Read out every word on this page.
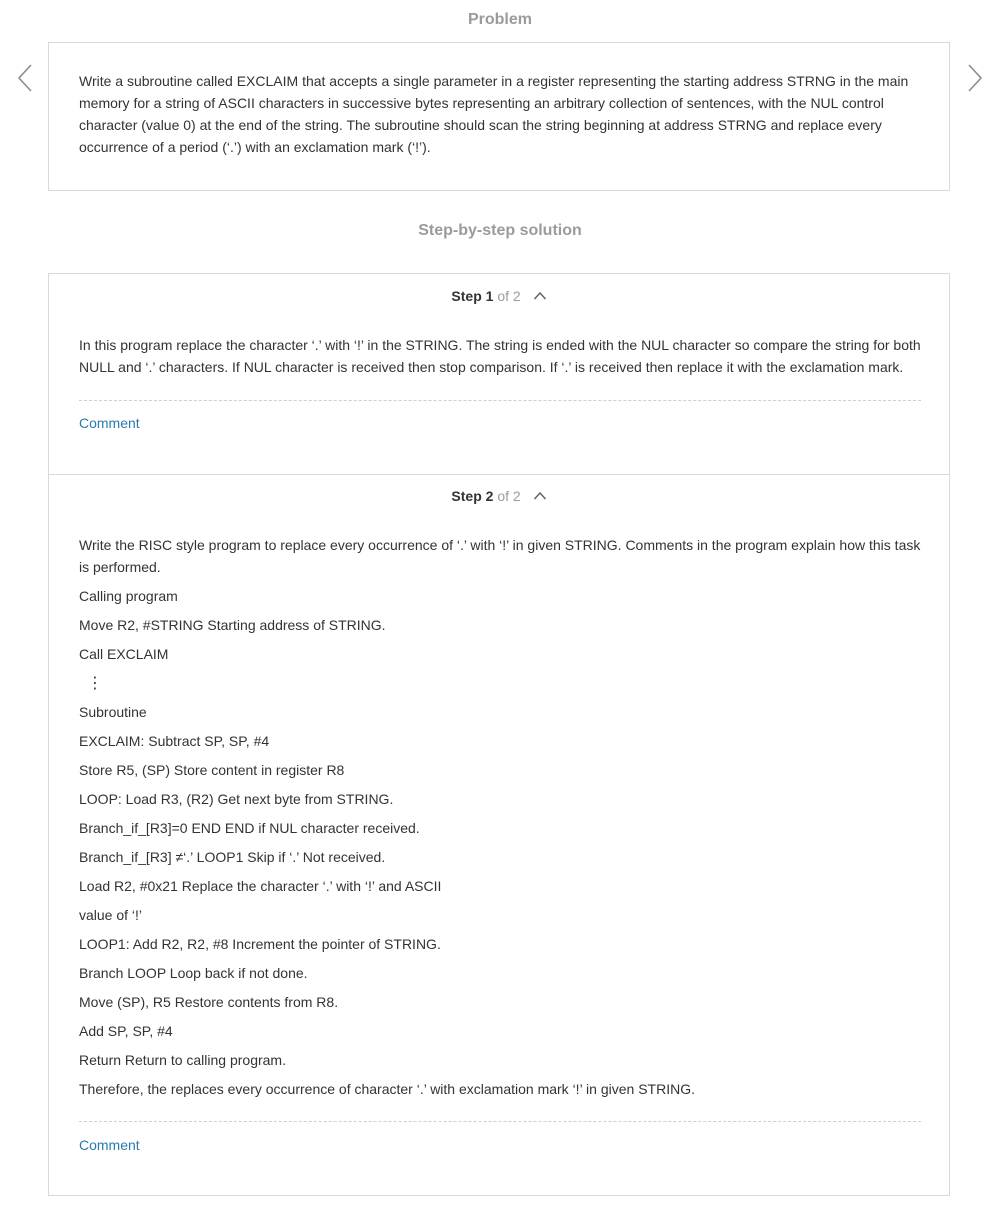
Problem
Write a subroutine called EXCLAIM that accepts a single parameter in a register representing the starting address STRNG in the main memory for a string of ASCII characters in successive bytes representing an arbitrary collection of sentences, with the NUL control character (value 0) at the end of the string. The subroutine should scan the string beginning at address STRNG and replace every occurrence of a period (‘.’) with an exclamation mark (‘!’).
Step-by-step solution
Step 1 of 2

In this program replace the character ‘.’ with ‘!’ in the STRING. The string is ended with the NUL character so compare the string for both NULL and ‘.’ characters. If NUL character is received then stop comparison. If ‘.’ is received then replace it with the exclamation mark.

Comment
Step 2 of 2

Write the RISC style program to replace every occurrence of ‘.’ with ‘!’ in given STRING. Comments in the program explain how this task is performed.

Calling program

Move R2, #STRING Starting address of STRING.

Call EXCLAIM

⋮

Subroutine

EXCLAIM: Subtract SP, SP, #4

Store R5, (SP) Store content in register R8

LOOP: Load R3, (R2) Get next byte from STRING.

Branch_if_[R3]=0 END END if NUL character received.

Branch_if_[R3] ≠‘.’ LOOP1 Skip if ‘.’ Not received.

Load R2, #0x21 Replace the character ‘.’ with ‘!’ and ASCII

value of ‘!’

LOOP1: Add R2, R2, #8 Increment the pointer of STRING.

Branch LOOP Loop back if not done.

Move (SP), R5 Restore contents from R8.

Add SP, SP, #4

Return Return to calling program.

Therefore, the replaces every occurrence of character ‘.’ with exclamation mark ‘!’ in given STRING.

Comment
